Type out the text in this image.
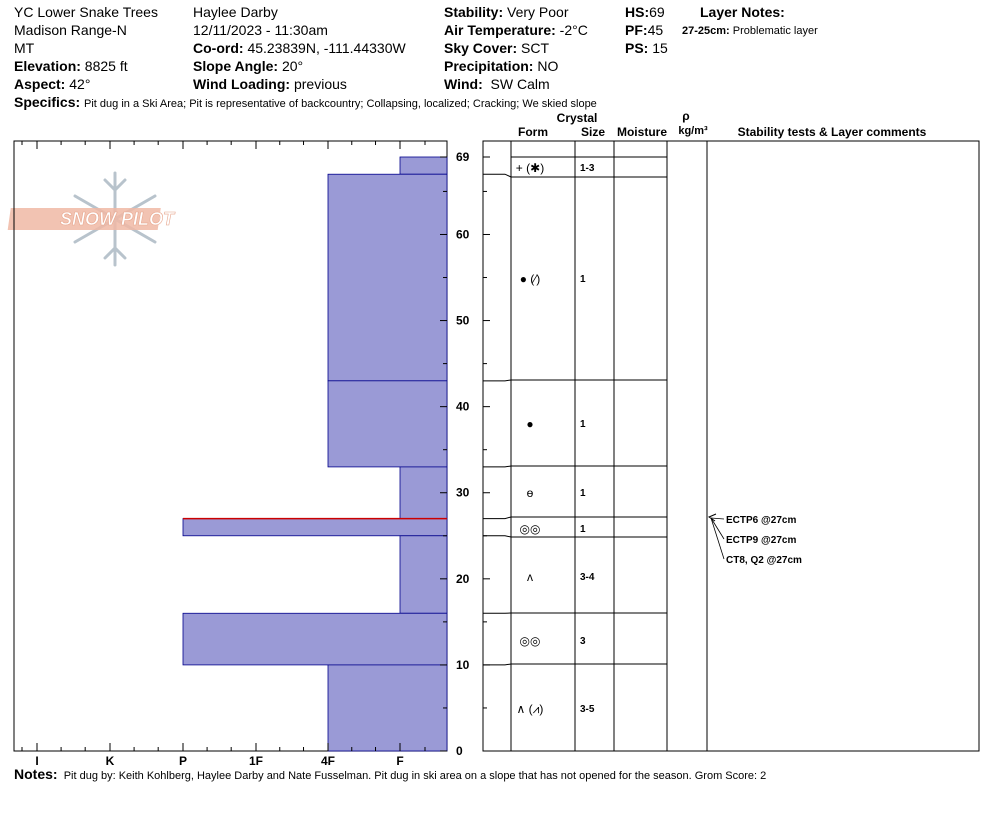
YC Lower Snake Trees
Madison Range-N
MT
Elevation: 8825 ft
Aspect: 42°
Haylee Darby
12/11/2023 - 11:30am
Co-ord: 45.23839N, -111.44330W
Slope Angle: 20°
Wind Loading: previous
Stability: Very Poor
Air Temperature: -2°C
Sky Cover: SCT
Precipitation: NO
Wind: SW Calm
HS:69
PF:45
PS: 15
Layer Notes:
27-25cm: Problematic layer
Specifics: Pit dug in a Ski Area; Pit is representative of backcountry; Collapsing, localized; Cracking; We skied slope
SNOW PILOT
I	K	P	1F	4F	F
0
10
20
30
40
50
60
69
Crystal
Form	Size Moisture
ρ
kg/m³ Stability tests & Layer comments
+ (✱)	1-3
● (⁄)	1
●	1
ө	1
◎◎	1
ʌ	3-4
◎◎	3
∧ (⩘)	3-5
ECTP6 @27cm
ECTP9 @27cm
CT8, Q2 @27cm
Notes: Pit dug by: Keith Kohlberg, Haylee Darby and Nate Fusselman. Pit dug in ski area on a slope that has not opened for the season. Grom Score: 2
